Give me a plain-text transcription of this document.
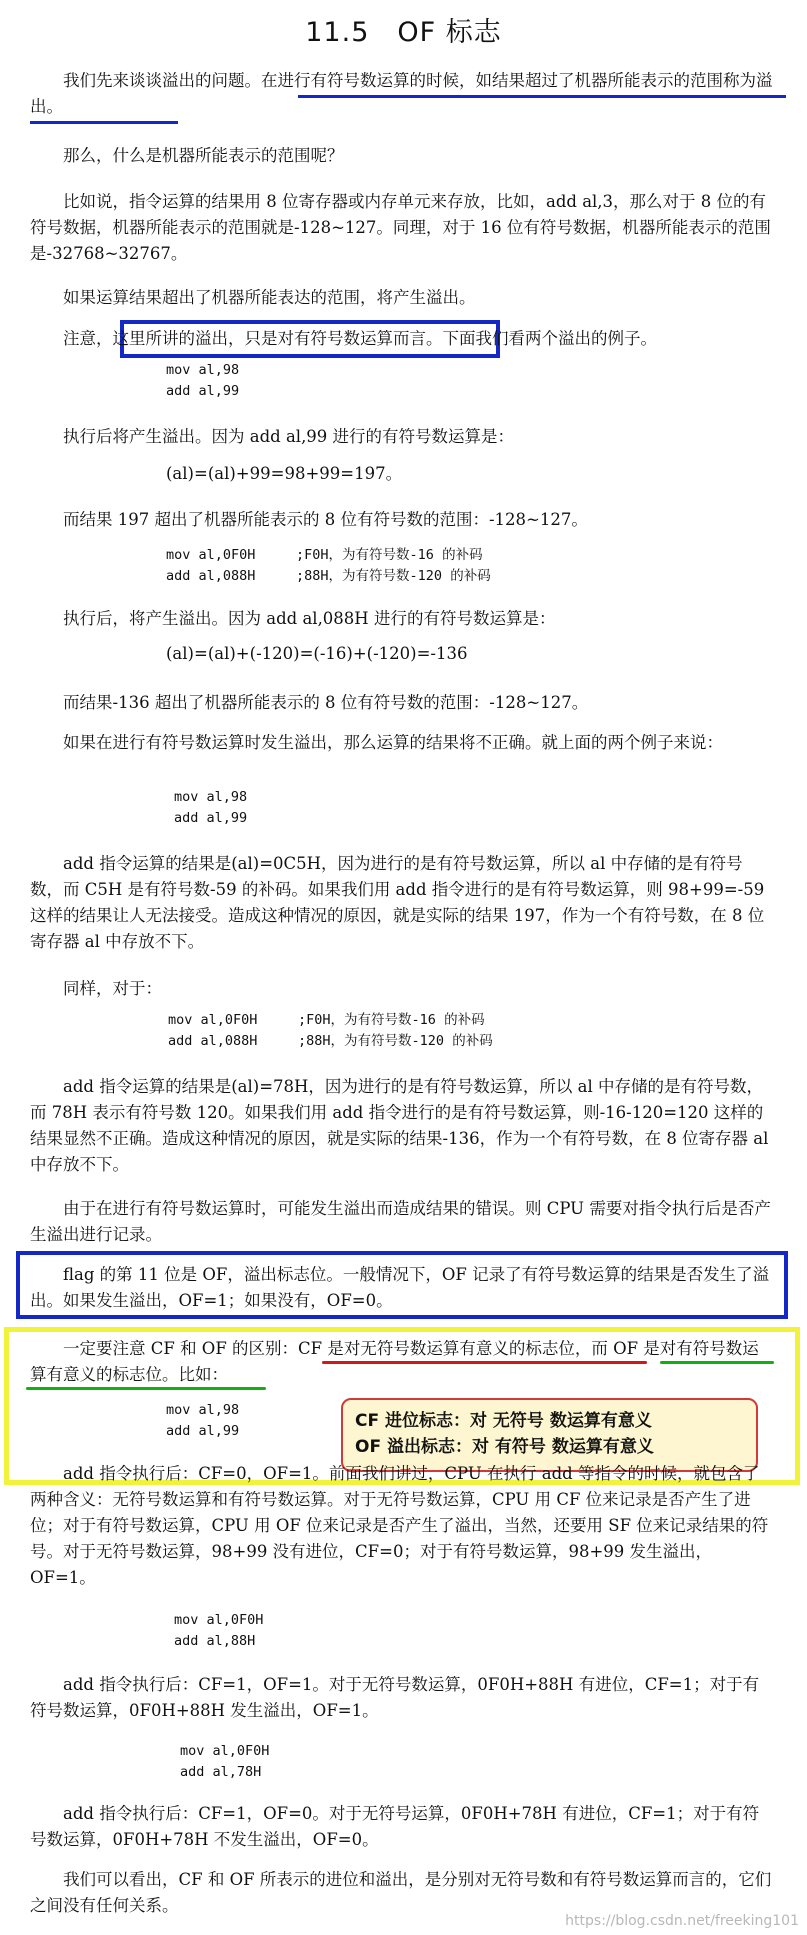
11.5　OF 标志
我们先来谈谈溢出的问题。在进行有符号数运算的时候，如结果超过了机器所能表示的范围称为溢出。
那么，什么是机器所能表示的范围呢？
比如说，指令运算的结果用 8 位寄存器或内存单元来存放，比如，add al,3，那么对于 8 位的有符号数据，机器所能表示的范围就是-128~127。同理，对于 16 位有符号数据，机器所能表示的范围是-32768~32767。
如果运算结果超出了机器所能表达的范围，将产生溢出。
注意，这里所讲的溢出，只是对有符号数运算而言。下面我们看两个溢出的例子。
mov al,98
add al,99
执行后将产生溢出。因为 add al,99 进行的有符号数运算是：
(al)=(al)+99=98+99=197。
而结果 197 超出了机器所能表示的 8 位有符号数的范围：-128~127。
mov al,0F0H     ;F0H，为有符号数-16 的补码
add al,088H     ;88H，为有符号数-120 的补码
执行后，将产生溢出。因为 add al,088H 进行的有符号数运算是：
(al)=(al)+(-120)=(-16)+(-120)=-136
而结果-136 超出了机器所能表示的 8 位有符号数的范围：-128~127。
如果在进行有符号数运算时发生溢出，那么运算的结果将不正确。就上面的两个例子来说：
mov al,98
add al,99
add 指令运算的结果是(al)=0C5H，因为进行的是有符号数运算，所以 al 中存储的是有符号数，而 C5H 是有符号数-59 的补码。如果我们用 add 指令进行的是有符号数运算，则 98+99=-59 这样的结果让人无法接受。造成这种情况的原因，就是实际的结果 197，作为一个有符号数，在 8 位寄存器 al 中存放不下。
同样，对于：
mov al,0F0H     ;F0H，为有符号数-16 的补码
add al,088H     ;88H，为有符号数-120 的补码
add 指令运算的结果是(al)=78H，因为进行的是有符号数运算，所以 al 中存储的是有符号数，而 78H 表示有符号数 120。如果我们用 add 指令进行的是有符号数运算，则-16-120=120 这样的结果显然不正确。造成这种情况的原因，就是实际的结果-136，作为一个有符号数，在 8 位寄存器 al 中存放不下。
由于在进行有符号数运算时，可能发生溢出而造成结果的错误。则 CPU 需要对指令执行后是否产生溢出进行记录。
flag 的第 11 位是 OF，溢出标志位。一般情况下，OF 记录了有符号数运算的结果是否发生了溢出。如果发生溢出，OF=1；如果没有，OF=0。
一定要注意 CF 和 OF 的区别：CF 是对无符号数运算有意义的标志位，而 OF 是对有符号数运算有意义的标志位。比如：
mov al,98
add al,99	CF 进位标志：对 无符号 数运算有意义
OF 溢出标志：对 有符号 数运算有意义
add 指令执行后：CF=0，OF=1。前面我们讲过，CPU 在执行 add 等指令的时候，就包含了两种含义：无符号数运算和有符号数运算。对于无符号数运算，CPU 用 CF 位来记录是否产生了进位；对于有符号数运算，CPU 用 OF 位来记录是否产生了溢出，当然，还要用 SF 位来记录结果的符号。对于无符号数运算，98+99 没有进位，CF=0；对于有符号数运算，98+99 发生溢出，OF=1。
mov al,0F0H
add al,88H
add 指令执行后：CF=1，OF=1。对于无符号数运算，0F0H+88H 有进位，CF=1；对于有符号数运算，0F0H+88H 发生溢出，OF=1。
mov al,0F0H
add al,78H
add 指令执行后：CF=1，OF=0。对于无符号运算，0F0H+78H 有进位，CF=1；对于有符号数运算，0F0H+78H 不发生溢出，OF=0。
我们可以看出，CF 和 OF 所表示的进位和溢出，是分别对无符号数和有符号数运算而言的，它们之间没有任何关系。
https://blog.csdn.net/freeking101
